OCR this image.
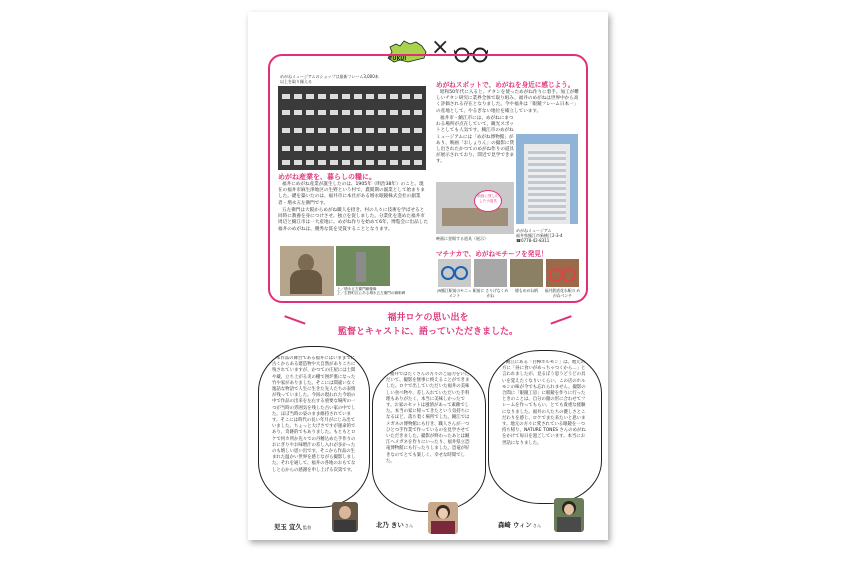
FUKUI ×
めがねミュージアムのショップは最新フレーム3,000本以上を取り揃える
めがね産業を、暮らしの糧に。
福井にめがね産業が誕生したのは、1905年（明治38年）のこと。現在の福井市麻生津地区の生野という村で、農閑期の副業として始まりました。礎を築いたのは、福井市に本社がある増永眼鏡株式会社の創業者・増永五左衛門です。
五左衛門は大阪からめがね職人を招き、村の人々に技術を学ばせると同時に教養を身につけさせ、独立を促しました。分業化を進めた福井市周辺と鯖江市は一大産地に。めがね作りを始めて6年、博覧会に出品した福井のめがねは、優秀な賞を受賞することとなります。
上／増永五左衛門銅像像
上／生野町区にある増永五左衛門の顕彰碑
めがねスポットで、めがねを身近に感じよう。
昭和50年代に入ると、チタンを使っためがね作りに着手。加工が難しいチタン研究に業界全体で取り組み、福井のめがねは世界中から高く評価される存在となりました。今や福井は「眼鏡フレーム日本一」の産地として、やるぎない地位を確立しています。
福井市・鯖江市には、めがねにまつわる場所が点在していて、観光スポットとしても人気です。鯖江市のめがねミュージアムには「めがね博物館」があり、映画「おしょりん」の撮影に貸し出されたかつてのめがね作りの道具が展示されており、間近で見学できます。
映画に貸し出した小道具
映画に登場する道具（展示）
めがねミュージアム
福井県鯖江市新横江2-3-4
☎0778-42-8311
マチナカで、めがねモチーフを発見！
JR鯖江駅前のモニュメント
駅前に さりげなくめがね
標もめがね柄	福井鉄道花水駅の めがねベンチ
福井ロケの思い出を
監督とキャストに、語っていただきました。
本作品の舞台である福井にはいままでに古くからある建造物や大自然がありこちに残されていますが、かつての庄屋には土間や蔵、立ち上がる炎の棚で囲炉裏になった竹や家がありました。そこには間違いなく逸話な物語で人生に生きた先人たちの表情が残っていました。今回の現われた今頃の中で作品の出来を左右する重要な場所の一つが当時の雰囲気を残した古い家の中でした。ほぼ当時の姿のまま維持されています。そこには時代の長い年月がにじみ出ていました。ちょっと大げさですが運命的であり、奇跡的でもありました。もともとロケで何カ所か先々での丹精込めた手作りのおにぎりやお味噌汁の差し入れが多かったのも嬉しい思い出です。そこから作品の生まれた温かい世界を感じながら撮影しました。それを通して、福井の各地のおもてなしと心からの感謝を申し上げる次第です。
福井ではたくさんの方々のご協力をいただいて、撮影を無事に終えることができました。ロケで出していただいた福井の美味しい食べ物や、差し入れていただいた手料理もありがたく、本当に美味しかったです。お家のセットは風情があって素敵でした。本当の家に帰ってきたという気持ちになるほど、落ち着く場所でした。鯖江ではメガネの博物館にも行き、職人さんが一つひとつ手作業で作っているのを見学させていただきました。撮影が終わったあとは鯖江ヘメガネを作りにいったり、福井県立恐竜博物館にも行ったりしました。恐竜が好きなのでとても楽しく、幸せな時間でした。
鯖江にある「白樺ホルモン」は、地元の方に「昼に食いがめっちゃつくから…」と言われましたが、見るぼう思うどうどの具いを覚えたくなりいくらい、この店のホルモンの味が今でも忘れられません。撮影の合間に「眼鏡工房」に眼鏡を作りに行ったときのことは、自分の顔の形に合わせてフレームを作ってもらい、とても貴重な経験になりました。福井の人たちの優しさとこだわりを感じ、ロケでまた来たいと思います。地元の方々に愛されている眼鏡を一つ持ち帰り、NATURE TONES さんのめがねをかけて毎日を過ごしています。本当にお世話になりました。
児玉 宜久監督	北乃 きいさん	森崎 ウィンさん
